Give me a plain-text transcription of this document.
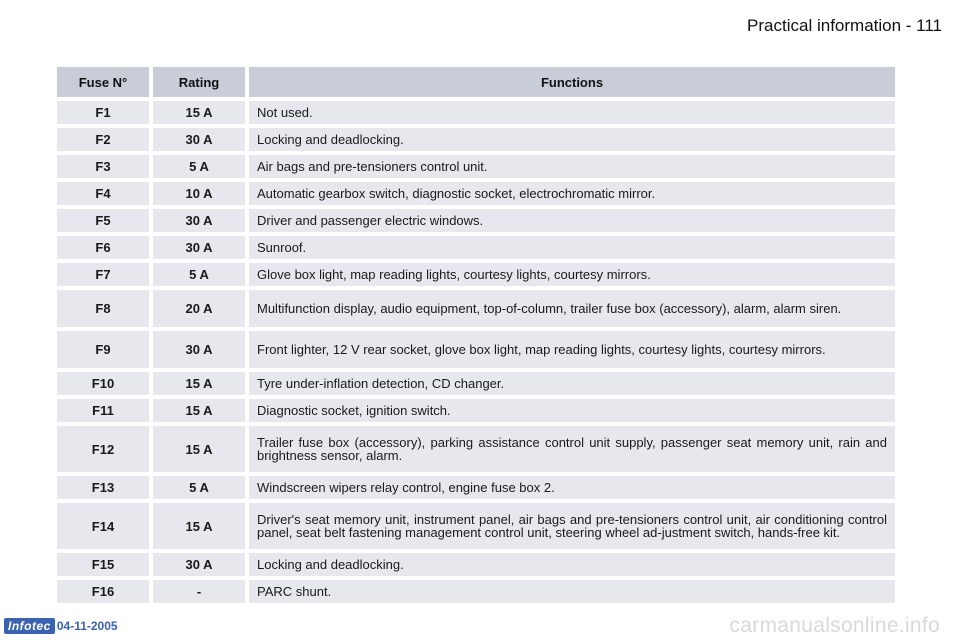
Practical information - 111
Fuse N°	Rating	Functions
F1	15 A	Not used.
F2	30 A	Locking and deadlocking.
F3	5 A	Air bags and pre-tensioners control unit.
F4	10 A	Automatic gearbox switch, diagnostic socket, electrochromatic mirror.
F5	30 A	Driver and passenger electric windows.
F6	30 A	Sunroof.
F7	5 A	Glove box light, map reading lights, courtesy lights, courtesy mirrors.
F8	20 A	Multifunction display, audio equipment, top-of-column, trailer fuse box (accessory), alarm, alarm siren.
F9	30 A	Front lighter, 12 V rear socket, glove box light, map reading lights, courtesy lights, courtesy mirrors.
F10	15 A	Tyre under-inflation detection, CD changer.
F11	15 A	Diagnostic socket, ignition switch.
F12	15 A	Trailer fuse box (accessory), parking assistance control unit supply, passenger seat memory unit, rain and brightness sensor, alarm.
F13	5 A	Windscreen wipers relay control, engine fuse box 2.
F14	15 A	Driver's seat memory unit, instrument panel, air bags and pre-tensioners control unit, air conditioning control panel, seat belt fastening management control unit, steering wheel ad-justment switch, hands-free kit.
F15	30 A	Locking and deadlocking.
F16	-	PARC shunt.
Infotec 04-11-2005	carmanualsonline.info
